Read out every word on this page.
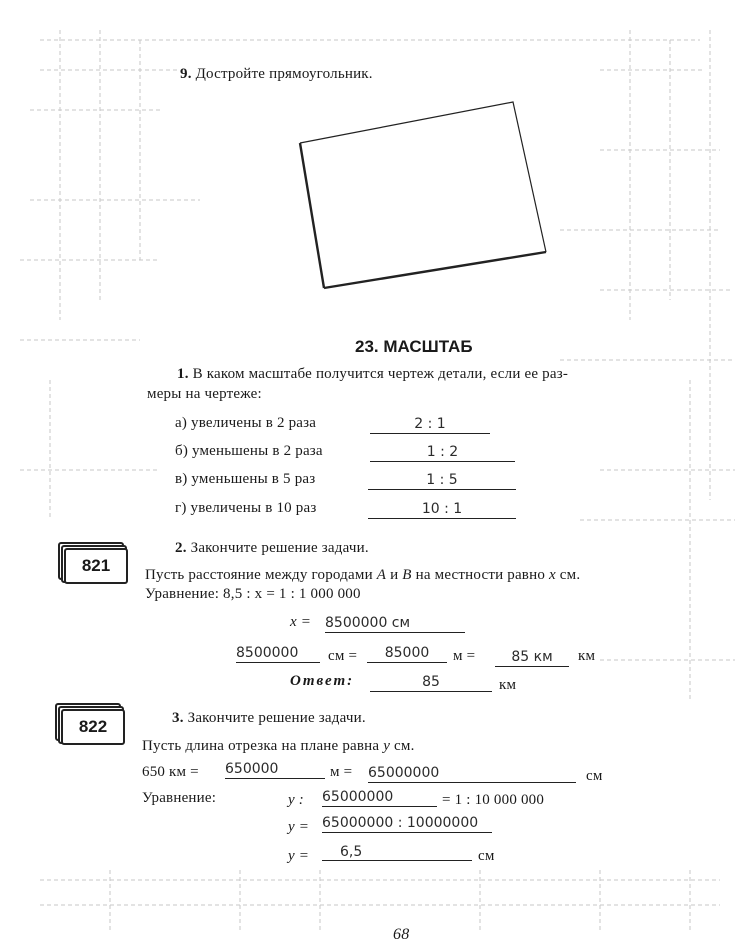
9. Достройте прямоугольник.
23. МАСШТАБ
1. В каком масштабе получится чертеж детали, если ее раз-
меры на чертеже:
а) увеличены в 2 раза	2 : 1
б) уменьшены в 2 раза	1 : 2
в) уменьшены в 5 раз	1 : 5
г) увеличены в 10 раз	10 : 1
821
2. Закончите решение задачи.
Пусть расстояние между городами A и B на местности равно x см.
Уравнение: 8,5 : x = 1 : 1 000 000
x = 8500000 см
8500000	см =	85000	м =	85 км	км
Ответ:	85	км
822	3. Закончите решение задачи.
Пусть длина отрезка на плане равна y см.
650 км = 650000	м = 65000000	см
Уравнение:	y : 65000000	= 1 : 10 000 000
y = 65000000 : 10000000
y =	6,5	см
68
